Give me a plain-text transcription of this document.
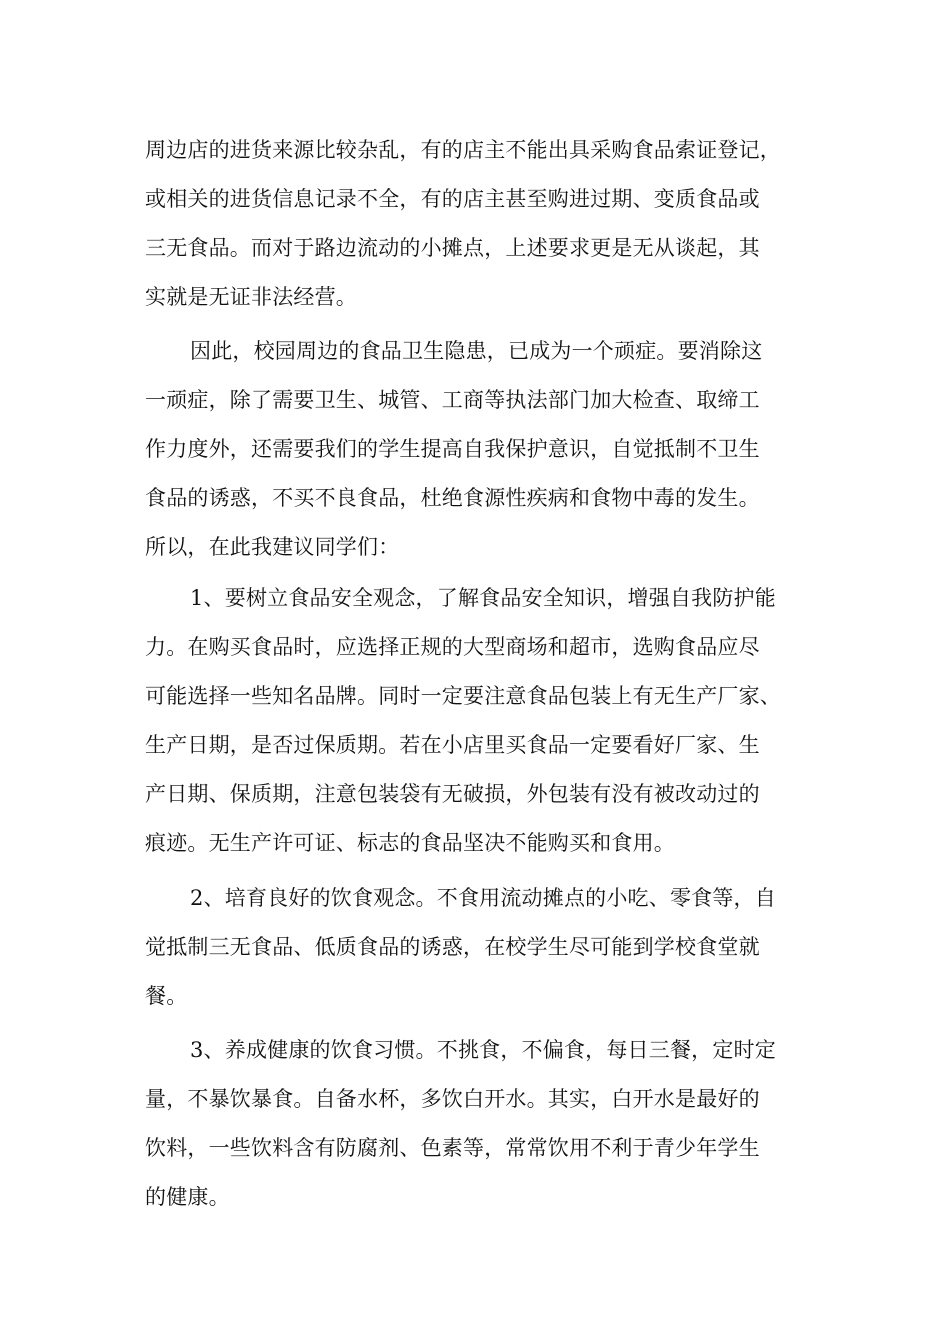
周边店的进货来源比较杂乱，有的店主不能出具采购食品索证登记，
或相关的进货信息记录不全，有的店主甚至购进过期、变质食品或
三无食品。而对于路边流动的小摊点，上述要求更是无从谈起，其
实就是无证非法经营。
因此，校园周边的食品卫生隐患，已成为一个顽症。要消除这
一顽症，除了需要卫生、城管、工商等执法部门加大检查、取缔工
作力度外，还需要我们的学生提高自我保护意识，自觉抵制不卫生
食品的诱惑，不买不良食品，杜绝食源性疾病和食物中毒的发生。
所以，在此我建议同学们：
1、要树立食品安全观念，了解食品安全知识，增强自我防护能
力。在购买食品时，应选择正规的大型商场和超市，选购食品应尽
可能选择一些知名品牌。同时一定要注意食品包装上有无生产厂家、
生产日期，是否过保质期。若在小店里买食品一定要看好厂家、生
产日期、保质期，注意包装袋有无破损，外包装有没有被改动过的
痕迹。无生产许可证、标志的食品坚决不能购买和食用。
2、培育良好的饮食观念。不食用流动摊点的小吃、零食等，自
觉抵制三无食品、低质食品的诱惑，在校学生尽可能到学校食堂就
餐。
3、养成健康的饮食习惯。不挑食，不偏食，每日三餐，定时定
量，不暴饮暴食。自备水杯，多饮白开水。其实，白开水是最好的
饮料，一些饮料含有防腐剂、色素等，常常饮用不利于青少年学生
的健康。
